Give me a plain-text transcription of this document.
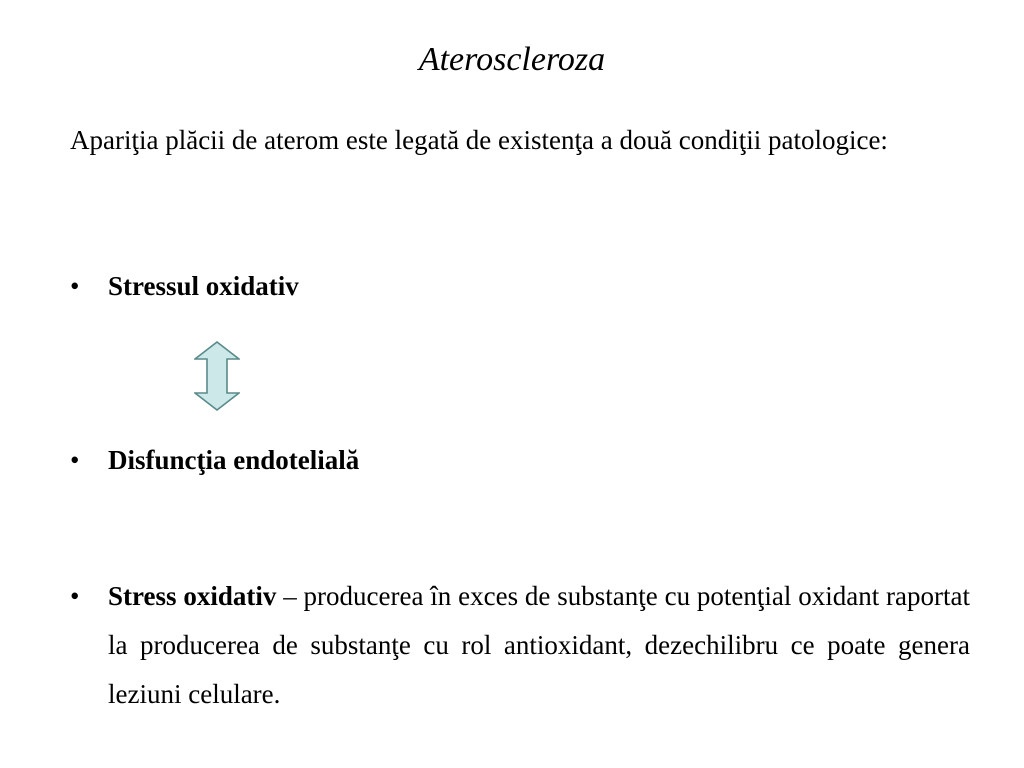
Ateroscleroza
Apariţia plăcii de aterom este legată de existenţa a două condiţii patologice:
•	Stressul oxidativ
•	Disfuncţia endotelială
•	Stress oxidativ – producerea în exces de substanţe cu potenţial oxidant raportat la producerea de substanţe cu rol antioxidant, dezechilibru ce poate genera leziuni celulare.
